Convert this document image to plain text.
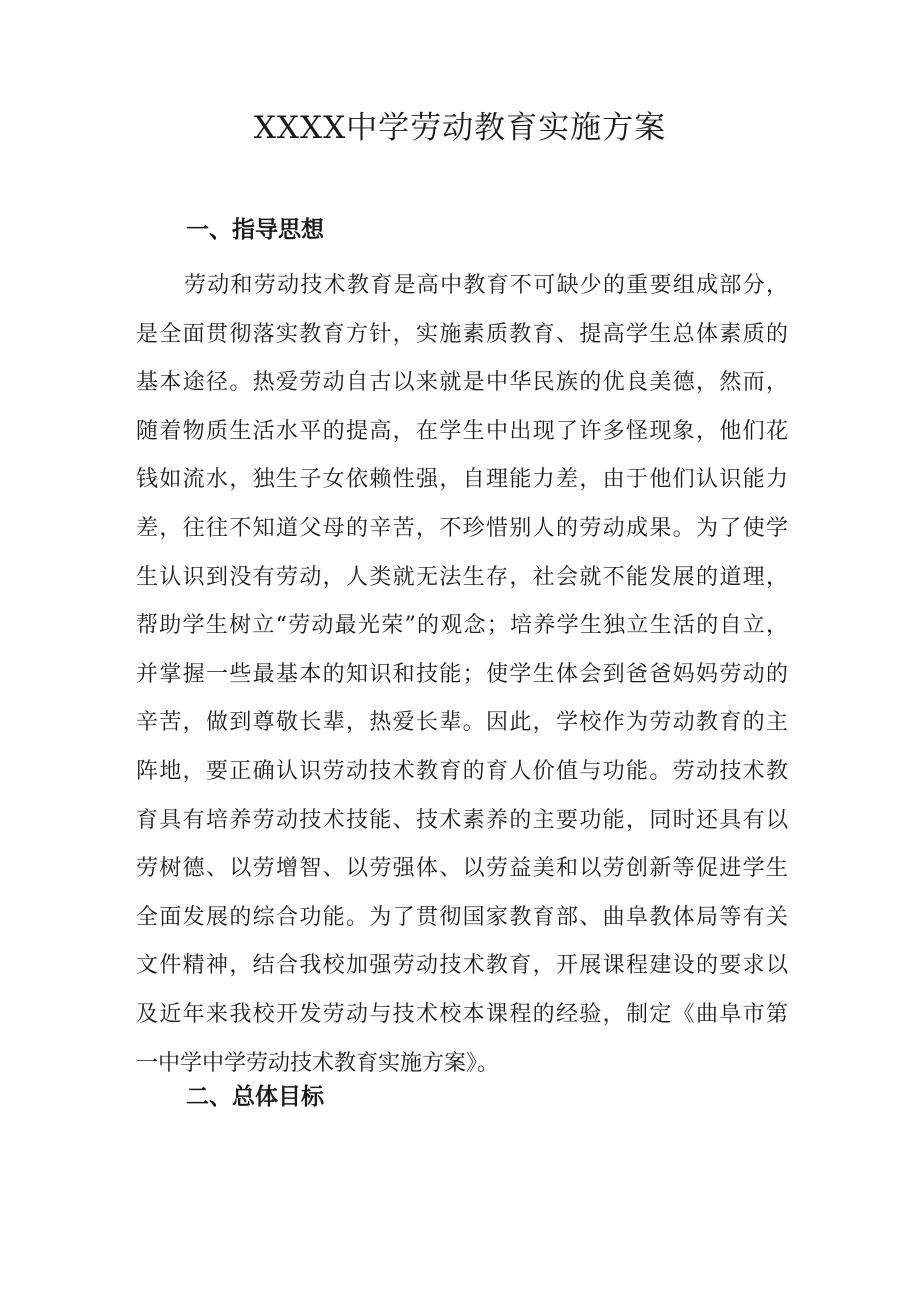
XXXX中学劳动教育实施方案
一、指导思想
劳动和劳动技术教育是高中教育不可缺少的重要组成部分，
是全面贯彻落实教育方针，实施素质教育、提高学生总体素质的
基本途径。热爱劳动自古以来就是中华民族的优良美德，然而，
随着物质生活水平的提高，在学生中出现了许多怪现象，他们花
钱如流水，独生子女依赖性强，自理能力差，由于他们认识能力
差，往往不知道父母的辛苦，不珍惜别人的劳动成果。为了使学
生认识到没有劳动，人类就无法生存，社会就不能发展的道理，
帮助学生树立“劳动最光荣”的观念；培养学生独立生活的自立，
并掌握一些最基本的知识和技能；使学生体会到爸爸妈妈劳动的
辛苦，做到尊敬长辈，热爱长辈。因此，学校作为劳动教育的主
阵地，要正确认识劳动技术教育的育人价值与功能。劳动技术教
育具有培养劳动技术技能、技术素养的主要功能，同时还具有以
劳树德、以劳增智、以劳强体、以劳益美和以劳创新等促进学生
全面发展的综合功能。为了贯彻国家教育部、曲阜教体局等有关
文件精神，结合我校加强劳动技术教育，开展课程建设的要求以
及近年来我校开发劳动与技术校本课程的经验，制定《曲阜市第
一中学中学劳动技术教育实施方案》。
二、总体目标
